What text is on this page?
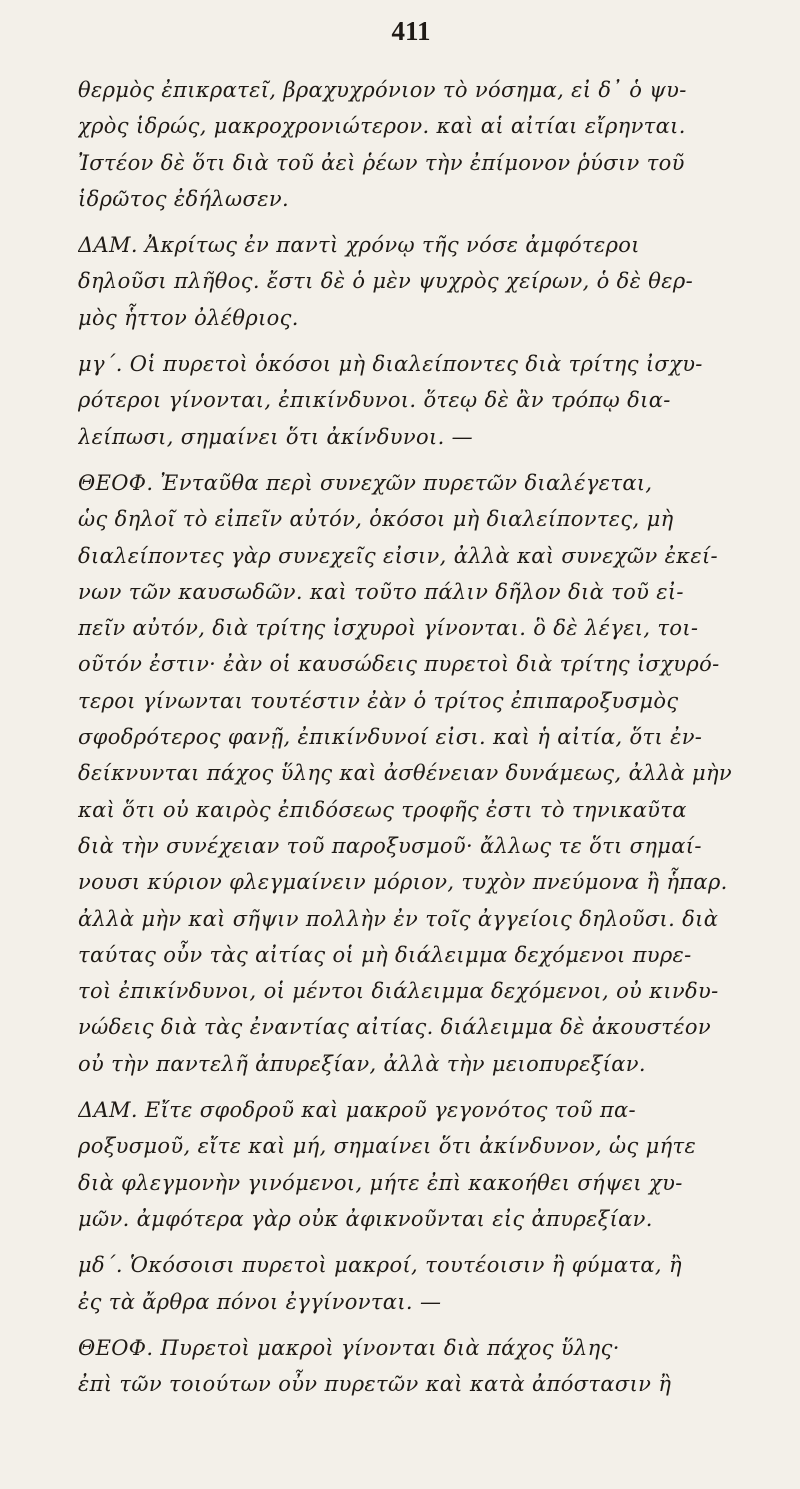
411
θερμὸς ἐπικρατεῖ, βραχυχρόνιον τὸ νόσημα, εἰ δ᾽ ὁ ψυ-
χρὸς ἱδρώς, μακροχρονιώτερον. καὶ αἱ αἰτίαι εἴρηνται.
Ἰστέον δὲ ὅτι διὰ τοῦ ἀεὶ ῥέων τὴν ἐπίμονον ῥύσιν τοῦ
ἱδρῶτος ἐδήλωσεν.
ΔΑΜ. Ἀκρίτως ἐν παντὶ χρόνῳ τῆς νόσε ἀμφότεροι
δηλοῦσι πλῆθος. ἔστι δὲ ὁ μὲν ψυχρὸς χείρων, ὁ δὲ θερ-
μὸς ἧττον ὀλέθριος.
μγ΄. Οἱ πυρετοὶ ὁκόσοι μὴ διαλείποντες διὰ τρίτης ἰσχυ-
ρότεροι γίνονται, ἐπικίνδυνοι. ὅτεῳ δὲ ἂν τρόπῳ δια-
λείπωσι, σημαίνει ὅτι ἀκίνδυνοι. —
ΘΕΟΦ. Ἐνταῦθα περὶ συνεχῶν πυρετῶν διαλέγεται,
ὡς δηλοῖ τὸ εἰπεῖν αὐτόν, ὁκόσοι μὴ διαλείποντες, μὴ
διαλείποντες γὰρ συνεχεῖς εἰσιν, ἀλλὰ καὶ συνεχῶν ἐκεί-
νων τῶν καυσωδῶν. καὶ τοῦτο πάλιν δῆλον διὰ τοῦ εἰ-
πεῖν αὐτόν, διὰ τρίτης ἰσχυροὶ γίνονται. ὃ δὲ λέγει, τοι-
οῦτόν ἐστιν· ἐὰν οἱ καυσώδεις πυρετοὶ διὰ τρίτης ἰσχυρό-
τεροι γίνωνται τουτέστιν ἐὰν ὁ τρίτος ἐπιπαροξυσμὸς
σφοδρότερος φανῇ, ἐπικίνδυνοί εἰσι. καὶ ἡ αἰτία, ὅτι ἐν-
δείκνυνται πάχος ὕλης καὶ ἀσθένειαν δυνάμεως, ἀλλὰ μὴν
καὶ ὅτι οὐ καιρὸς ἐπιδόσεως τροφῆς ἐστι τὸ τηνικαῦτα
διὰ τὴν συνέχειαν τοῦ παροξυσμοῦ· ἄλλως τε ὅτι σημαί-
νουσι κύριον φλεγμαίνειν μόριον, τυχὸν πνεύμονα ἢ ἧπαρ.
ἀλλὰ μὴν καὶ σῆψιν πολλὴν ἐν τοῖς ἀγγείοις δηλοῦσι. διὰ
ταύτας οὖν τὰς αἰτίας οἱ μὴ διάλειμμα δεχόμενοι πυρε-
τοὶ ἐπικίνδυνοι, οἱ μέντοι διάλειμμα δεχόμενοι, οὐ κινδυ-
νώδεις διὰ τὰς ἐναντίας αἰτίας. διάλειμμα δὲ ἀκουστέον
οὐ τὴν παντελῆ ἀπυρεξίαν, ἀλλὰ τὴν μειοπυρεξίαν.
ΔΑΜ. Εἴτε σφοδροῦ καὶ μακροῦ γεγονότος τοῦ πα-
ροξυσμοῦ, εἴτε καὶ μή, σημαίνει ὅτι ἀκίνδυνον, ὡς μήτε
διὰ φλεγμονὴν γινόμενοι, μήτε ἐπὶ κακοήθει σήψει χυ-
μῶν. ἀμφότερα γὰρ οὐκ ἀφικνοῦνται εἰς ἀπυρεξίαν.
μδ΄. Ὁκόσοισι πυρετοὶ μακροί, τουτέοισιν ἢ φύματα, ἢ
ἐς τὰ ἄρθρα πόνοι ἐγγίνονται. —
ΘΕΟΦ. Πυρετοὶ μακροὶ γίνονται διὰ πάχος ὕλης·
ἐπὶ τῶν τοιούτων οὖν πυρετῶν καὶ κατὰ ἀπόστασιν ἢ
